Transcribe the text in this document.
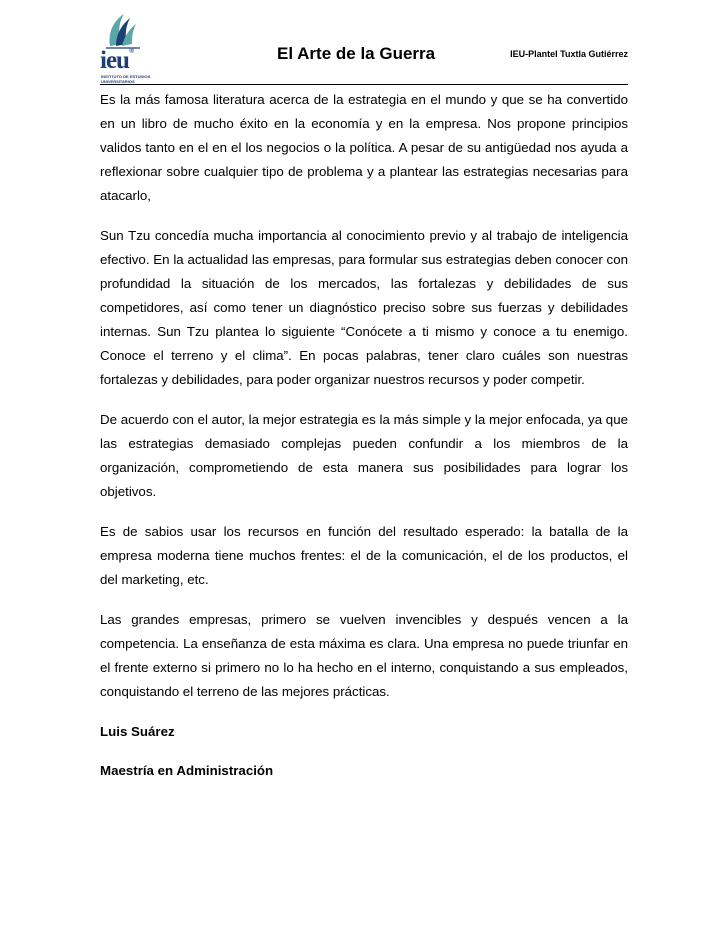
ieu®
INSTITUTO DE ESTUDIOS
UNIVERSITARIOS
El Arte de la Guerra	IEU-Plantel Tuxtla Gutiérrez

Es la más famosa literatura acerca de la estrategia en el mundo y que se ha convertido en un libro de mucho éxito en la economía y en la empresa. Nos propone principios validos tanto en el en el los negocios o la política. A pesar de su antigüedad nos ayuda a reflexionar sobre cualquier tipo de problema y a plantear las estrategias necesarias para atacarlo,

Sun Tzu concedía mucha importancia al conocimiento previo y al trabajo de inteligencia efectivo. En la actualidad las empresas, para formular sus estrategias deben conocer con profundidad la situación de los mercados, las fortalezas y debilidades de sus competidores, así como tener un diagnóstico preciso sobre sus fuerzas y debilidades internas. Sun Tzu plantea lo siguiente “Conócete a ti mismo y conoce a tu enemigo. Conoce el terreno y el clima”. En pocas palabras, tener claro cuáles son nuestras fortalezas y debilidades, para poder organizar nuestros recursos y poder competir.

De acuerdo con el autor, la mejor estrategia es la más simple y la mejor enfocada, ya que las estrategias demasiado complejas pueden confundir a los miembros de la organización, comprometiendo de esta manera sus posibilidades para lograr los objetivos.

Es de sabios usar los recursos en función del resultado esperado: la batalla de la empresa moderna tiene muchos frentes: el de la comunicación, el de los productos, el del marketing, etc.

Las grandes empresas, primero se vuelven invencibles y después vencen a la competencia. La enseñanza de esta máxima es clara. Una empresa no puede triunfar en el frente externo si primero no lo ha hecho en el interno, conquistando a sus empleados, conquistando el terreno de las mejores prácticas.

Luis Suárez

Maestría en Administración
